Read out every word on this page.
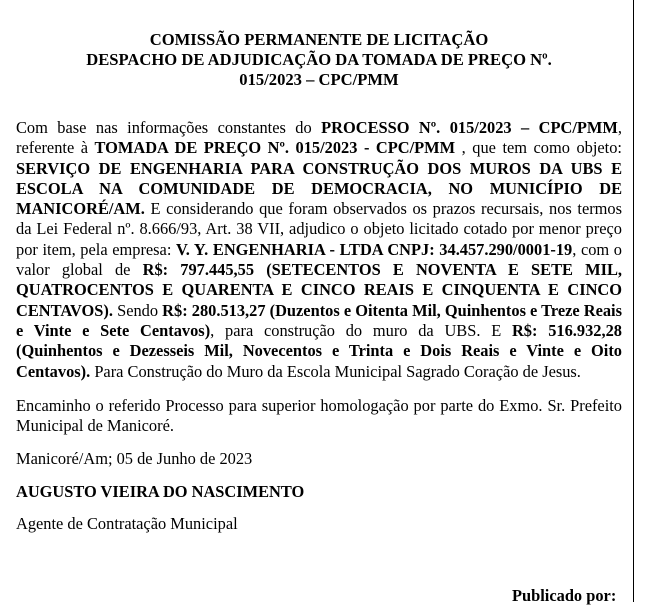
COMISSÃO PERMANENTE DE LICITAÇÃO
DESPACHO DE ADJUDICAÇÃO DA TOMADA DE PREÇO Nº.
015/2023 – CPC/PMM

Com base nas informações constantes do PROCESSO Nº. 015/2023 – CPC/PMM, referente à TOMADA DE PREÇO Nº. 015/2023 - CPC/PMM , que tem como objeto: SERVIÇO DE ENGENHARIA PARA CONSTRUÇÃO DOS MUROS DA UBS E ESCOLA NA COMUNIDADE DE DEMOCRACIA, NO MUNICÍPIO DE MANICORÉ/AM. E considerando que foram observados os prazos recursais, nos termos da Lei Federal nº. 8.666/93, Art. 38 VII, adjudico o objeto licitado cotado por menor preço por item, pela empresa: V. Y. ENGENHARIA - LTDA CNPJ: 34.457.290/0001-19, com o valor global de R$: 797.445,55 (SETECENTOS E NOVENTA E SETE MIL, QUATROCENTOS E QUARENTA E CINCO REAIS E CINQUENTA E CINCO CENTAVOS). Sendo R$: 280.513,27 (Duzentos e Oitenta Mil, Quinhentos e Treze Reais e Vinte e Sete Centavos), para construção do muro da UBS. E R$: 516.932,28 (Quinhentos e Dezesseis Mil, Novecentos e Trinta e Dois Reais e Vinte e Oito Centavos). Para Construção do Muro da Escola Municipal Sagrado Coração de Jesus.

Encaminho o referido Processo para superior homologação por parte do Exmo. Sr. Prefeito Municipal de Manicoré.

Manicoré/Am; 05 de Junho de 2023

AUGUSTO VIEIRA DO NASCIMENTO

Agente de Contratação Municipal

Publicado por:
